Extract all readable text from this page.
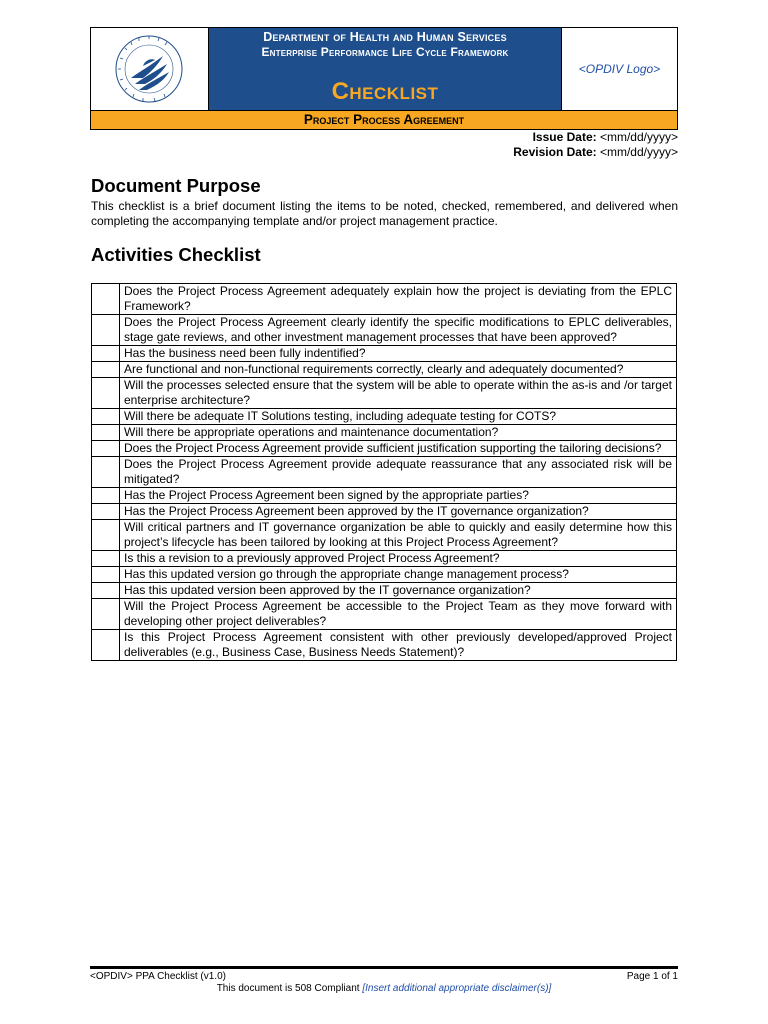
Department of Health and Human Services
Enterprise Performance Life Cycle Framework
Checklist
<OPDIV Logo>
Project Process Agreement
Issue Date: <mm/dd/yyyy>
Revision Date: <mm/dd/yyyy>
Document Purpose
This checklist is a brief document listing the items to be noted, checked, remembered, and delivered when completing the accompanying template and/or project management practice.
Activities Checklist
	Does the Project Process Agreement adequately explain how the project is deviating from the EPLC Framework?
	Does the Project Process Agreement clearly identify the specific modifications to EPLC deliverables, stage gate reviews, and other investment management processes that have been approved?
	Has the business need been fully indentified?
	Are functional and non-functional requirements correctly, clearly and adequately documented?
	Will the processes selected ensure that the system will be able to operate within the as-is and /or target enterprise architecture?
	Will there be adequate IT Solutions testing, including adequate testing for COTS?
	Will there be appropriate operations and maintenance documentation?
	Does the Project Process Agreement provide sufficient justification supporting the tailoring decisions?
	Does the Project Process Agreement provide adequate reassurance that any associated risk will be mitigated?
	Has the Project Process Agreement been signed by the appropriate parties?
	Has the Project Process Agreement been approved by the IT governance organization?
	Will critical partners and IT governance organization be able to quickly and easily determine how this project’s lifecycle has been tailored by looking at this Project Process Agreement?
	Is this a revision to a previously approved Project Process Agreement?
	Has this updated version go through the appropriate change management process?
	Has this updated version been approved by the IT governance organization?
	Will the Project Process Agreement be accessible to the Project Team as they move forward with developing other project deliverables?
	Is this Project Process Agreement consistent with other previously developed/approved Project deliverables (e.g., Business Case, Business Needs Statement)?
<OPDIV> PPA Checklist (v1.0)	Page 1 of 1
This document is 508 Compliant [Insert additional appropriate disclaimer(s)]
